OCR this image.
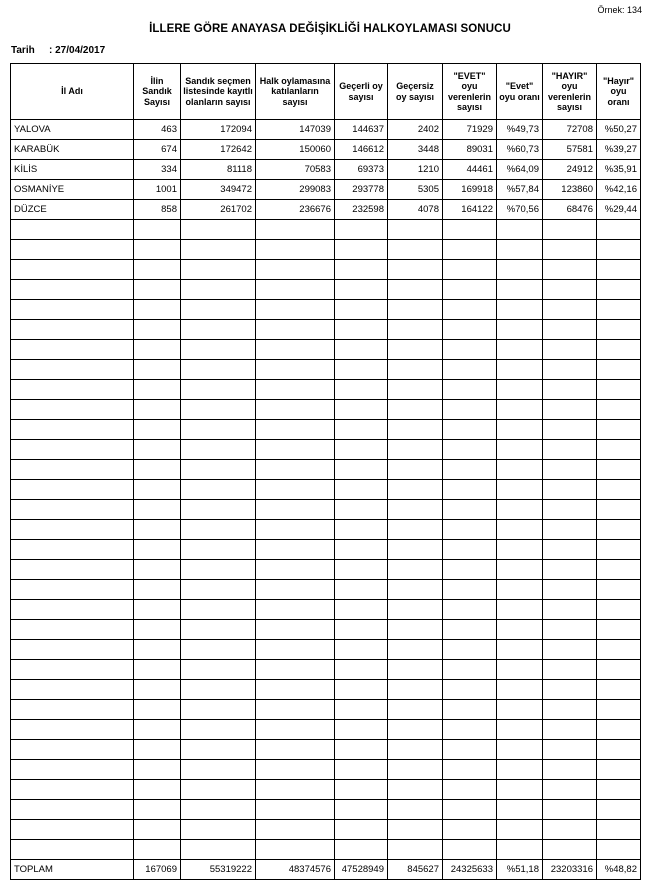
Örnek: 134
İLLERE GÖRE ANAYASA DEĞİŞİKLİĞİ HALKOYLAMASI SONUCU
Tarih : 27/04/2017
İl Adı	İlin Sandık Sayısı	Sandık seçmen listesinde kayıtlı olanların sayısı	Halk oylamasına katılanların sayısı	Geçerli oy sayısı	Geçersiz oy sayısı	"EVET" oyu verenlerin sayısı	"Evet" oyu oranı	"HAYIR" oyu verenlerin sayısı	"Hayır" oyu oranı
YALOVA	463	172094	147039	144637	2402	71929	%49,73	72708	%50,27
KARABÜK	674	172642	150060	146612	3448	89031	%60,73	57581	%39,27
KİLİS	334	81118	70583	69373	1210	44461	%64,09	24912	%35,91
OSMANİYE	1001	349472	299083	293778	5305	169918	%57,84	123860	%42,16
DÜZCE	858	261702	236676	232598	4078	164122	%70,56	68476	%29,44

TOPLAM	167069	55319222	48374576	47528949	845627	24325633	%51,18	23203316	%48,82
